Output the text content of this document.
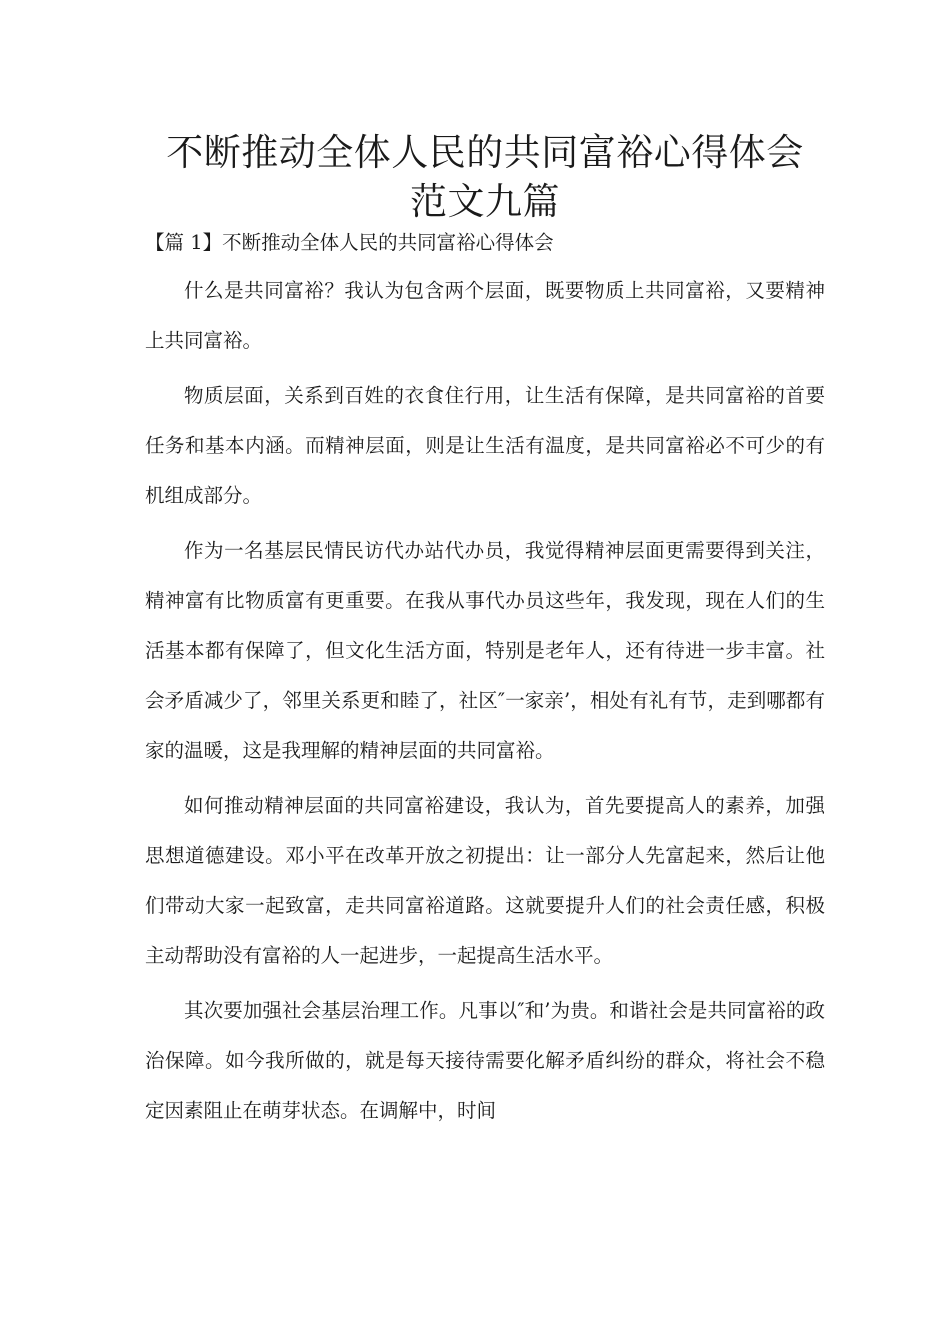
不断推动全体人民的共同富裕心得体会
范文九篇

【篇 1】不断推动全体人民的共同富裕心得体会

什么是共同富裕？我认为包含两个层面，既要物质上共同富裕，又要精神上共同富裕。

物质层面，关系到百姓的衣食住行用，让生活有保障，是共同富裕的首要任务和基本内涵。而精神层面，则是让生活有温度，是共同富裕必不可少的有机组成部分。

作为一名基层民情民访代办站代办员，我觉得精神层面更需要得到关注，精神富有比物质富有更重要。在我从事代办员这些年，我发现，现在人们的生活基本都有保障了，但文化生活方面，特别是老年人，还有待进一步丰富。社会矛盾减少了，邻里关系更和睦了，社区″一家亲’，相处有礼有节，走到哪都有家的温暖，这是我理解的精神层面的共同富裕。

如何推动精神层面的共同富裕建设，我认为，首先要提高人的素养，加强思想道德建设。邓小平在改革开放之初提出：让一部分人先富起来，然后让他们带动大家一起致富，走共同富裕道路。这就要提升人们的社会责任感，积极主动帮助没有富裕的人一起进步，一起提高生活水平。

其次要加强社会基层治理工作。凡事以″和’为贵。和谐社会是共同富裕的政治保障。如今我所做的，就是每天接待需要化解矛盾纠纷的群众，将社会不稳定因素阻止在萌芽状态。在调解中，时间
